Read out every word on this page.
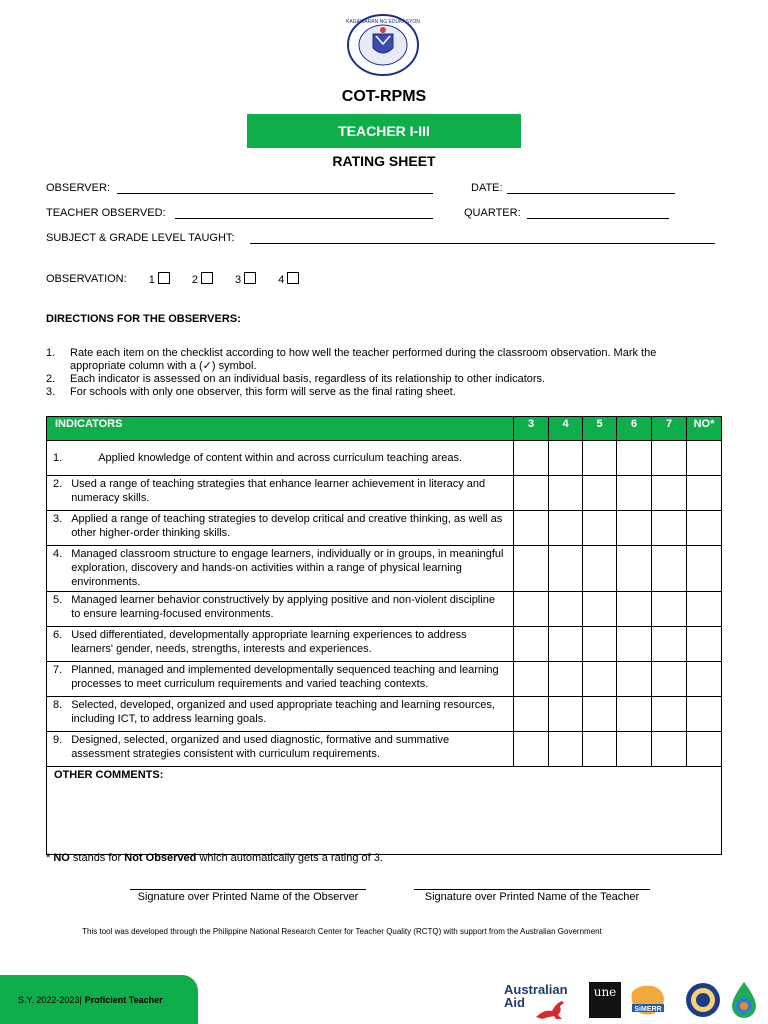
KAGAWARAN NG EDUKASYON
COT-RPMS
TEACHER I-III
RATING SHEET
OBSERVER:	DATE:
TEACHER OBSERVED:	QUARTER:
SUBJECT & GRADE LEVEL TAUGHT:
OBSERVATION: 1	2	3	4
DIRECTIONS FOR THE OBSERVERS:
1. Rate each item on the checklist according to how well the teacher performed during the classroom observation. Mark the appropriate column with a (✓) symbol.
2. Each indicator is assessed on an individual basis, regardless of its relationship to other indicators.
3. For schools with only one observer, this form will serve as the final rating sheet.
INDICATORS	3	4	5	6	7	NO*

1. Applied knowledge of content within and across curriculum teaching areas.						

2. Used a range of teaching strategies that enhance learner achievement in literacy and numeracy skills.						

3. Applied a range of teaching strategies to develop critical and creative thinking, as well as other higher-order thinking skills.						

4. Managed classroom structure to engage learners, individually or in groups, in meaningful exploration, discovery and hands-on activities within a range of physical learning environments.						

5. Managed learner behavior constructively by applying positive and non-violent discipline to ensure learning-focused environments.						

6. Used differentiated, developmentally appropriate learning experiences to address learners' gender, needs, strengths, interests and experiences.						

7. Planned, managed and implemented developmentally sequenced teaching and learning processes to meet curriculum requirements and varied teaching contexts.						

8. Selected, developed, organized and used appropriate teaching and learning resources, including ICT, to address learning goals.						

9. Designed, selected, organized and used diagnostic, formative and summative assessment strategies consistent with curriculum requirements.						

OTHER COMMENTS:						
* NO stands for Not Observed which automatically gets a rating of 3.
Signature over Printed Name of the Observer	Signature over Printed Name of the Teacher
This tool was developed through the Philippine National Research Center for Teacher Quality (RCTQ) with support from the Australian Government
S.Y. 2022-2023 | Proficient Teacher
Australian
Aid
une
SiMERR
